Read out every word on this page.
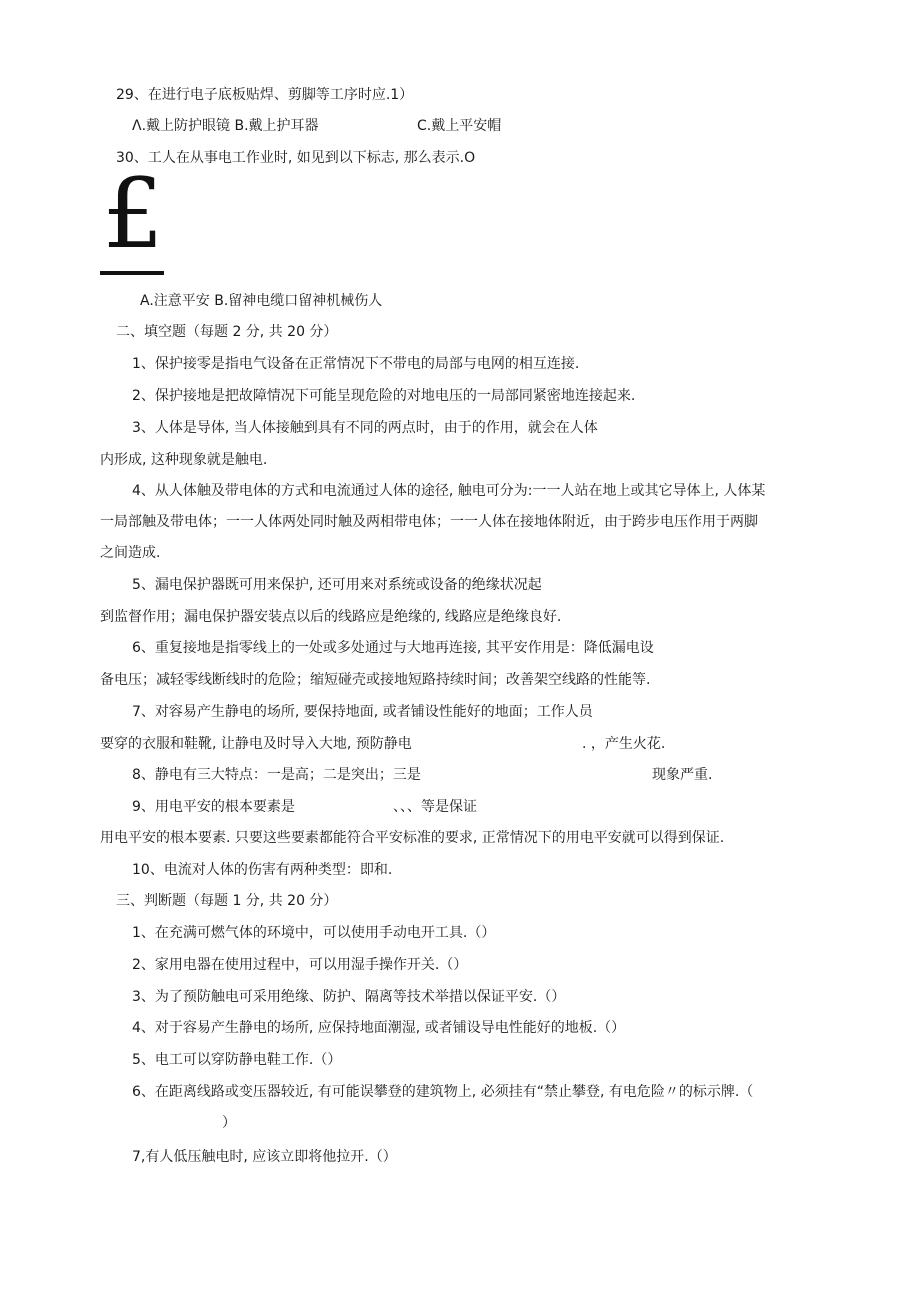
29、在进行电子底板贴焊、剪脚等工序时应.1）
Λ.戴上防护眼镜 B.戴上护耳器	C.戴上平安帽
30、工人在从事电工作业时, 如见到以下标志, 那么表示.O
£
A.注意平安 B.留神电缆口留神机械伤人
二、填空题（每题 2 分, 共 20 分）
1、保护接零是指电气设备在正常情况下不带电的局部与电网的相互连接.
2、保护接地是把故障情况下可能呈现危险的对地电压的一局部同紧密地连接起来.
3、人体是导体, 当人体接触到具有不同的两点时，由于的作用，就会在人体
内形成, 这种现象就是触电.
4、从人体触及带电体的方式和电流通过人体的途径, 触电可分为:一一人站在地上或其它导体上, 人体某
一局部触及带电体；一一人体两处同时触及两相带电体；一一人体在接地体附近，由于跨步电压作用于两脚
之间造成.
5、漏电保护器既可用来保护, 还可用来对系统或设备的绝缘状况起
到监督作用；漏电保护器安装点以后的线路应是绝缘的, 线路应是绝缘良好.
6、重复接地是指零线上的一处或多处通过与大地再连接, 其平安作用是：降低漏电设
备电压；减轻零线断线时的危险；缩短碰壳或接地短路持续时间；改善架空线路的性能等.
7、对容易产生静电的场所, 要保持地面, 或者铺设性能好的地面；工作人员
要穿的衣服和鞋靴, 让静电及时导入大地, 预防静电	. ，产生火花.
8、静电有三大特点：一是高；二是突出；三是	现象严重.
9、用电平安的根本要素是	、、、等是保证
用电平安的根本要素. 只要这些要素都能符合平安标准的要求, 正常情况下的用电平安就可以得到保证.
10、电流对人体的伤害有两种类型：即和.
三、判断题（每题 1 分, 共 20 分）
1、在充满可燃气体的环境中，可以使用手动电开工具.（）
2、家用电器在使用过程中，可以用湿手操作开关.（）
3、为了预防触电可采用绝缘、防护、隔离等技术举措以保证平安.（）
4、对于容易产生静电的场所, 应保持地面潮湿, 或者铺设导电性能好的地板.（）
5、电工可以穿防静电鞋工作.（）
6、在距离线路或变压器较近, 有可能误攀登的建筑物上, 必须挂有“禁止攀登, 有电危险〃的标示牌.（
）
7,有人低压触电时, 应该立即将他拉开.（）
